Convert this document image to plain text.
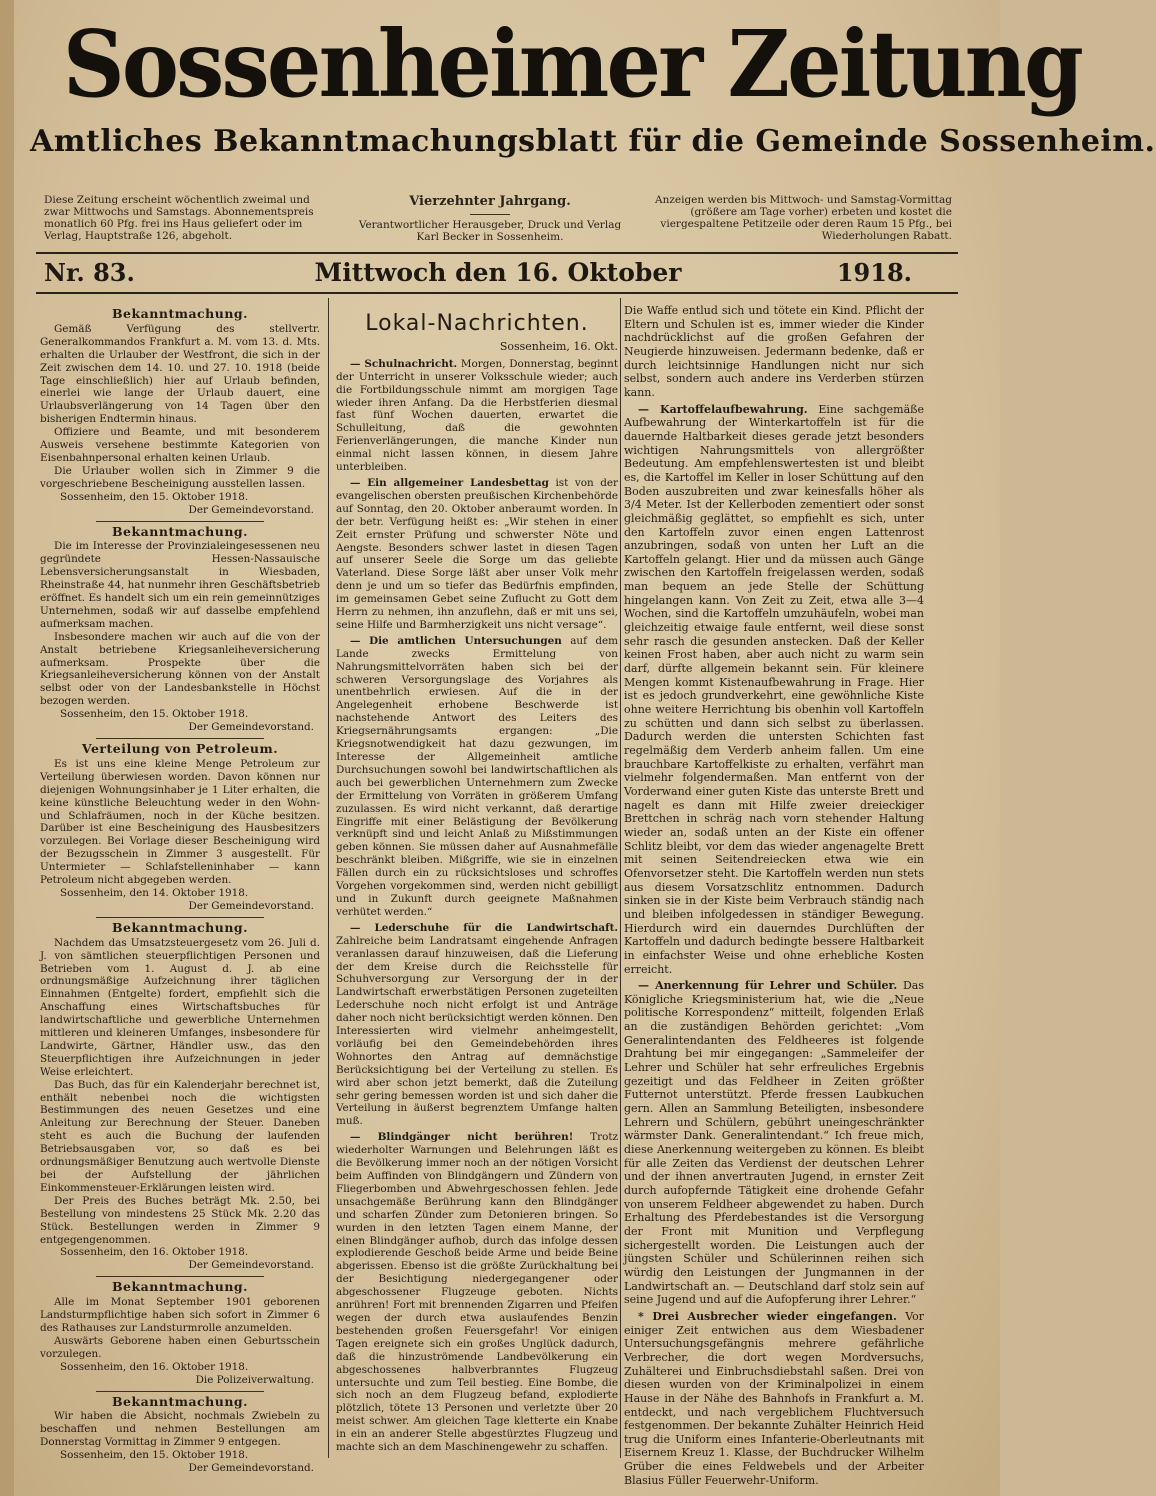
Sossenheimer Zeitung
Amtliches Bekanntmachungsblatt für die Gemeinde Sossenheim.
Diese Zeitung erscheint wöchentlich zweimal und zwar Mittwochs und Samstags. Abonnementspreis monatlich 60 Pfg. frei ins Haus geliefert oder im Verlag, Hauptstraße 126, abgeholt.
Vierzehnter Jahrgang.
Verantwortlicher Herausgeber, Druck und Verlag Karl Becker in Sossenheim.
Anzeigen werden bis Mittwoch- und Samstag-Vormittag (größere am Tage vorher) erbeten und kostet die viergespaltene Petitzeile oder deren Raum 15 Pfg., bei Wiederholungen Rabatt.
Nr. 83.	Mittwoch den 16. Oktober	1918.
Bekanntmachung.

Gemäß Verfügung des stellvertr. Generalkommandos Frankfurt a. M. vom 13. d. Mts. erhalten die Urlauber der Westfront, die sich in der Zeit zwischen dem 14. 10. und 27. 10. 1918 (beide Tage einschließlich) hier auf Urlaub befinden, einerlei wie lange der Urlaub dauert, eine Urlaubsverlängerung von 14 Tagen über den bisherigen Endtermin hinaus.

Offiziere und Beamte, und mit besonderem Ausweis versehene bestimmte Kategorien von Eisenbahnpersonal erhalten keinen Urlaub.

Die Urlauber wollen sich in Zimmer 9 die vorgeschriebene Bescheinigung ausstellen lassen.

Sossenheim, den 15. Oktober 1918.

Der Gemeindevorstand.
Bekanntmachung.

Die im Interesse der Provinzialeingesessenen neu gegründete Hessen-Nassauische Lebensversicherungsanstalt in Wiesbaden, Rheinstraße 44, hat nunmehr ihren Geschäftsbetrieb eröffnet. Es handelt sich um ein rein gemeinnütziges Unternehmen, sodaß wir auf dasselbe empfehlend aufmerksam machen.

Insbesondere machen wir auch auf die von der Anstalt betriebene Kriegsanleiheversicherung aufmerksam. Prospekte über die Kriegsanleiheversicherung können von der Anstalt selbst oder von der Landesbankstelle in Höchst bezogen werden.

Sossenheim, den 15. Oktober 1918.

Der Gemeindevorstand.
Verteilung von Petroleum.

Es ist uns eine kleine Menge Petroleum zur Verteilung überwiesen worden. Davon können nur diejenigen Wohnungsinhaber je 1 Liter erhalten, die keine künstliche Beleuchtung weder in den Wohn- und Schlafräumen, noch in der Küche besitzen. Darüber ist eine Bescheinigung des Hausbesitzers vorzulegen. Bei Vorlage dieser Bescheinigung wird der Bezugsschein in Zimmer 3 ausgestellt. Für Untermieter — Schlafstelleninhaber — kann Petroleum nicht abgegeben werden.

Sossenheim, den 14. Oktober 1918.

Der Gemeindevorstand.
Bekanntmachung.

Nachdem das Umsatzsteuergesetz vom 26. Juli d. J. von sämtlichen steuerpflichtigen Personen und Betrieben vom 1. August d. J. ab eine ordnungsmäßige Aufzeichnung ihrer täglichen Einnahmen (Entgelte) fordert, empfiehlt sich die Anschaffung eines Wirtschaftsbuches für landwirtschaftliche und gewerbliche Unternehmen mittleren und kleineren Umfanges, insbesondere für Landwirte, Gärtner, Händler usw., das den Steuerpflichtigen ihre Aufzeichnungen in jeder Weise erleichtert.

Das Buch, das für ein Kalenderjahr berechnet ist, enthält nebenbei noch die wichtigsten Bestimmungen des neuen Gesetzes und eine Anleitung zur Berechnung der Steuer. Daneben steht es auch die Buchung der laufenden Betriebsausgaben vor, so daß es bei ordnungsmäßiger Benutzung auch wertvolle Dienste bei der Aufstellung der jährlichen Einkommensteuer-Erklärungen leisten wird.

Der Preis des Buches beträgt Mk. 2.50, bei Bestellung von mindestens 25 Stück Mk. 2.20 das Stück. Bestellungen werden in Zimmer 9 entgegengenommen.

Sossenheim, den 16. Oktober 1918.

Der Gemeindevorstand.
Bekanntmachung.

Alle im Monat September 1901 geborenen Landsturmpflichtige haben sich sofort in Zimmer 6 des Rathauses zur Landsturmrolle anzumelden.

Auswärts Geborene haben einen Geburtsschein vorzulegen.

Sossenheim, den 16. Oktober 1918.

Die Polizeiverwaltung.
Bekanntmachung.

Wir haben die Absicht, nochmals Zwiebeln zu beschaffen und nehmen Bestellungen am Donnerstag Vormittag in Zimmer 9 entgegen.

Sossenheim, den 15. Oktober 1918.

Der Gemeindevorstand.
Lokal-Nachrichten.
Sossenheim, 16. Okt.

— Schulnachricht. Morgen, Donnerstag, beginnt der Unterricht in unserer Volksschule wieder; auch die Fortbildungsschule nimmt am morgigen Tage wieder ihren Anfang. Da die Herbstferien diesmal fast fünf Wochen dauerten, erwartet die Schulleitung, daß die gewohnten Ferienverlängerungen, die manche Kinder nun einmal nicht lassen können, in diesem Jahre unterbleiben.

— Ein allgemeiner Landesbettag ist von der evangelischen obersten preußischen Kirchenbehörde auf Sonntag, den 20. Oktober anberaumt worden. In der betr. Verfügung heißt es: „Wir stehen in einer Zeit ernster Prüfung und schwerster Nöte und Aengste. Besonders schwer lastet in diesen Tagen auf unserer Seele die Sorge um das geliebte Vaterland. Diese Sorge läßt aber unser Volk mehr denn je und um so tiefer das Bedürfnis empfinden, im gemeinsamen Gebet seine Zuflucht zu Gott dem Herrn zu nehmen, ihn anzuflehn, daß er mit uns sei, seine Hilfe und Barmherzigkeit uns nicht versage“.

— Die amtlichen Untersuchungen auf dem Lande zwecks Ermittelung von Nahrungsmittelvorräten haben sich bei der schweren Versorgungslage des Vorjahres als unentbehrlich erwiesen. Auf die in der Angelegenheit erhobene Beschwerde ist nachstehende Antwort des Leiters des Kriegsernährungsamts ergangen: „Die Kriegsnotwendigkeit hat dazu gezwungen, im Interesse der Allgemeinheit amtliche Durchsuchungen sowohl bei landwirtschaftlichen als auch bei gewerblichen Unternehmern zum Zwecke der Ermittelung von Vorräten in größerem Umfang zuzulassen. Es wird nicht verkannt, daß derartige Eingriffe mit einer Belästigung der Bevölkerung verknüpft sind und leicht Anlaß zu Mißstimmungen geben können. Sie müssen daher auf Ausnahmefälle beschränkt bleiben. Mißgriffe, wie sie in einzelnen Fällen durch ein zu rücksichtsloses und schroffes Vorgehen vorgekommen sind, werden nicht gebilligt und in Zukunft durch geeignete Maßnahmen verhütet werden.“

— Lederschuhe für die Landwirtschaft. Zahlreiche beim Landratsamt eingehende Anfragen veranlassen darauf hinzuweisen, daß die Lieferung der dem Kreise durch die Reichsstelle für Schuhversorgung zur Versorgung der in der Landwirtschaft erwerbstätigen Personen zugeteilten Lederschuhe noch nicht erfolgt ist und Anträge daher noch nicht berücksichtigt werden können. Den Interessierten wird vielmehr anheimgestellt, vorläufig bei den Gemeindebehörden ihres Wohnortes den Antrag auf demnächstige Berücksichtigung bei der Verteilung zu stellen. Es wird aber schon jetzt bemerkt, daß die Zuteilung sehr gering bemessen worden ist und sich daher die Verteilung in äußerst begrenztem Umfange halten muß.

— Blindgänger nicht berühren! Trotz wiederholter Warnungen und Belehrungen läßt es die Bevölkerung immer noch an der nötigen Vorsicht beim Auffinden von Blindgängern und Zündern von Fliegerbomben und Abwehrgeschossen fehlen. Jede unsachgemäße Berührung kann den Blindgänger und scharfen Zünder zum Detonieren bringen. So wurden in den letzten Tagen einem Manne, der einen Blindgänger aufhob, durch das infolge dessen explodierende Geschoß beide Arme und beide Beine abgerissen. Ebenso ist die größte Zurückhaltung bei der Besichtigung niedergegangener oder abgeschossener Flugzeuge geboten. Nichts anrühren! Fort mit brennenden Zigarren und Pfeifen wegen der durch etwa auslaufendes Benzin bestehenden großen Feuersgefahr! Vor einigen Tagen ereignete sich ein großes Unglück dadurch, daß die hinzuströmende Landbevölkerung ein abgeschossenes halbverbranntes Flugzeug untersuchte und zum Teil bestieg. Eine Bombe, die sich noch an dem Flugzeug befand, explodierte plötzlich, tötete 13 Personen und verletzte über 20 meist schwer. Am gleichen Tage kletterte ein Knabe in ein an anderer Stelle abgestürztes Flugzeug und machte sich an dem Maschinengewehr zu schaffen.

Die Waffe entlud sich und tötete ein Kind. Pflicht der Eltern und Schulen ist es, immer wieder die Kinder nachdrücklichst auf die großen Gefahren der Neugierde hinzuweisen. Jedermann bedenke, daß er durch leichtsinnige Handlungen nicht nur sich selbst, sondern auch andere ins Verderben stürzen kann.

— Kartoffelaufbewahrung. Eine sachgemäße Aufbewahrung der Winterkartoffeln ist für die dauernde Haltbarkeit dieses gerade jetzt besonders wichtigen Nahrungsmittels von allergrößter Bedeutung. Am empfehlenswertesten ist und bleibt es, die Kartoffel im Keller in loser Schüttung auf den Boden auszubreiten und zwar keinesfalls höher als 3/4 Meter. Ist der Kellerboden zementiert oder sonst gleichmäßig geglättet, so empfiehlt es sich, unter den Kartoffeln zuvor einen engen Lattenrost anzubringen, sodaß von unten her Luft an die Kartoffeln gelangt. Hier und da müssen auch Gänge zwischen den Kartoffeln freigelassen werden, sodaß man bequem an jede Stelle der Schüttung hingelangen kann. Von Zeit zu Zeit, etwa alle 3—4 Wochen, sind die Kartoffeln umzuhäufeln, wobei man gleichzeitig etwaige faule entfernt, weil diese sonst sehr rasch die gesunden anstecken. Daß der Keller keinen Frost haben, aber auch nicht zu warm sein darf, dürfte allgemein bekannt sein. Für kleinere Mengen kommt Kistenaufbewahrung in Frage. Hier ist es jedoch grundverkehrt, eine gewöhnliche Kiste ohne weitere Herrichtung bis obenhin voll Kartoffeln zu schütten und dann sich selbst zu überlassen. Dadurch werden die untersten Schichten fast regelmäßig dem Verderb anheim fallen. Um eine brauchbare Kartoffelkiste zu erhalten, verfährt man vielmehr folgendermaßen. Man entfernt von der Vorderwand einer guten Kiste das unterste Brett und nagelt es dann mit Hilfe zweier dreieckiger Brettchen in schräg nach vorn stehender Haltung wieder an, sodaß unten an der Kiste ein offener Schlitz bleibt, vor dem das wieder angenagelte Brett mit seinen Seitendreiecken etwa wie ein Ofenvorsetzer steht. Die Kartoffeln werden nun stets aus diesem Vorsatzschlitz entnommen. Dadurch sinken sie in der Kiste beim Verbrauch ständig nach und bleiben infolgedessen in ständiger Bewegung. Hierdurch wird ein dauerndes Durchlüften der Kartoffeln und dadurch bedingte bessere Haltbarkeit in einfachster Weise und ohne erhebliche Kosten erreicht.

— Anerkennung für Lehrer und Schüler. Das Königliche Kriegsministerium hat, wie die „Neue politische Korrespondenz“ mitteilt, folgenden Erlaß an die zuständigen Behörden gerichtet: „Vom Generalintendanten des Feldheeres ist folgende Drahtung bei mir eingegangen: „Sammeleifer der Lehrer und Schüler hat sehr erfreuliches Ergebnis gezeitigt und das Feldheer in Zeiten größter Futternot unterstützt. Pferde fressen Laubkuchen gern. Allen an Sammlung Beteiligten, insbesondere Lehrern und Schülern, gebührt uneingeschränkter wärmster Dank. Generalintendant.“ Ich freue mich, diese Anerkennung weitergeben zu können. Es bleibt für alle Zeiten das Verdienst der deutschen Lehrer und der ihnen anvertrauten Jugend, in ernster Zeit durch aufopfernde Tätigkeit eine drohende Gefahr von unserem Feldheer abgewendet zu haben. Durch Erhaltung des Pferdebestandes ist die Versorgung der Front mit Munition und Verpflegung sichergestellt worden. Die Leistungen auch der jüngsten Schüler und Schülerinnen reihen sich würdig den Leistungen der Jungmannen in der Landwirtschaft an. — Deutschland darf stolz sein auf seine Jugend und auf die Aufopferung ihrer Lehrer.“

* Drei Ausbrecher wieder eingefangen. Vor einiger Zeit entwichen aus dem Wiesbadener Untersuchungsgefängnis mehrere gefährliche Verbrecher, die dort wegen Mordversuchs, Zuhälterei und Einbruchsdiebstahl saßen. Drei von diesen wurden von der Kriminalpolizei in einem Hause in der Nähe des Bahnhofs in Frankfurt a. M. entdeckt, und nach vergeblichem Fluchtversuch festgenommen. Der bekannte Zuhälter Heinrich Heid trug die Uniform eines Infanterie-Oberleutnants mit Eisernem Kreuz 1. Klasse, der Buchdrucker Wilhelm Grüber die eines Feldwebels und der Arbeiter Blasius Füller Feuerwehr-Uniform.
